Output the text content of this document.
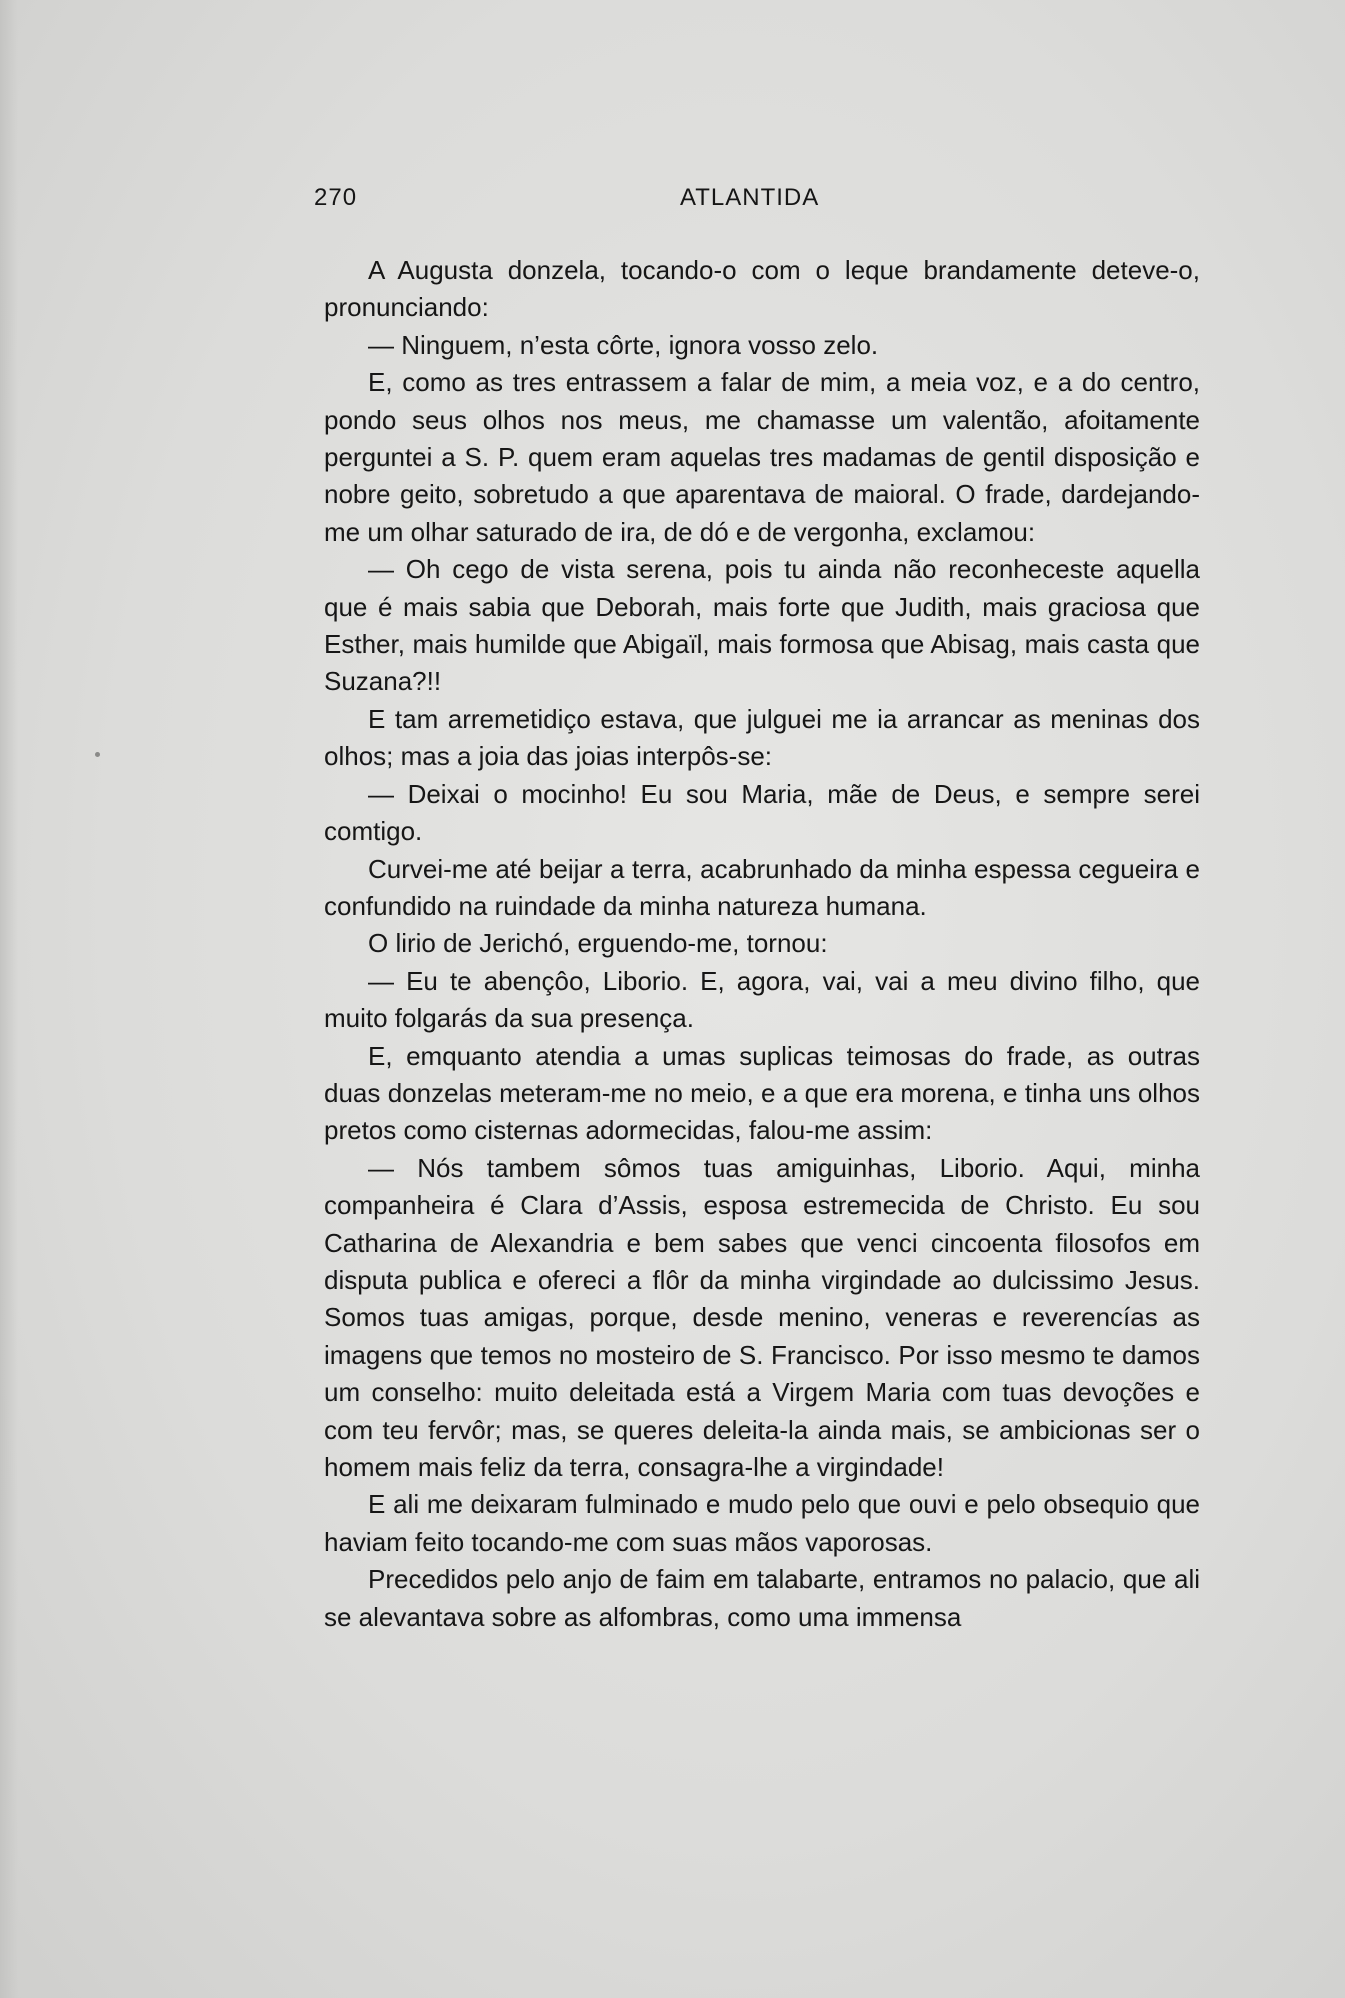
270	ATLANTIDA

A Augusta donzela, tocando-o com o leque brandamente deteve-o, pronunciando:

— Ninguem, n’esta côrte, ignora vosso zelo.

E, como as tres entrassem a falar de mim, a meia voz, e a do centro, pondo seus olhos nos meus, me chamasse um valentão, afoitamente perguntei a S. P. quem eram aquelas tres madamas de gentil disposição e nobre geito, sobretudo a que aparentava de maioral. O frade, dardejando-me um olhar saturado de ira, de dó e de vergonha, exclamou:

— Oh cego de vista serena, pois tu ainda não reconheceste aquella que é mais sabia que Deborah, mais forte que Judith, mais graciosa que Esther, mais humilde que Abigaïl, mais formosa que Abisag, mais casta que Suzana?!!

E tam arremetidiço estava, que julguei me ia arrancar as meninas dos olhos; mas a joia das joias interpôs-se:

— Deixai o mocinho! Eu sou Maria, mãe de Deus, e sempre serei comtigo.

Curvei-me até beijar a terra, acabrunhado da minha espessa cegueira e confundido na ruindade da minha natureza humana.

O lirio de Jerichó, erguendo-me, tornou:

— Eu te abençôo, Liborio. E, agora, vai, vai a meu divino filho, que muito folgarás da sua presença.

E, emquanto atendia a umas suplicas teimosas do frade, as outras duas donzelas meteram-me no meio, e a que era morena, e tinha uns olhos pretos como cisternas adormecidas, falou-me assim:

— Nós tambem sômos tuas amiguinhas, Liborio. Aqui, minha companheira é Clara d’Assis, esposa estremecida de Christo. Eu sou Catharina de Alexandria e bem sabes que venci cincoenta filosofos em disputa publica e ofereci a flôr da minha virgindade ao dulcissimo Jesus. Somos tuas amigas, porque, desde menino, veneras e reverencías as imagens que temos no mosteiro de S. Francisco. Por isso mesmo te damos um conselho: muito deleitada está a Virgem Maria com tuas devoções e com teu fervôr; mas, se queres deleita-la ainda mais, se ambicionas ser o homem mais feliz da terra, consagra-lhe a virgindade!

E ali me deixaram fulminado e mudo pelo que ouvi e pelo obsequio que haviam feito tocando-me com suas mãos vaporosas.

Precedidos pelo anjo de faim em talabarte, entramos no palacio, que ali se alevantava sobre as alfombras, como uma immensa
